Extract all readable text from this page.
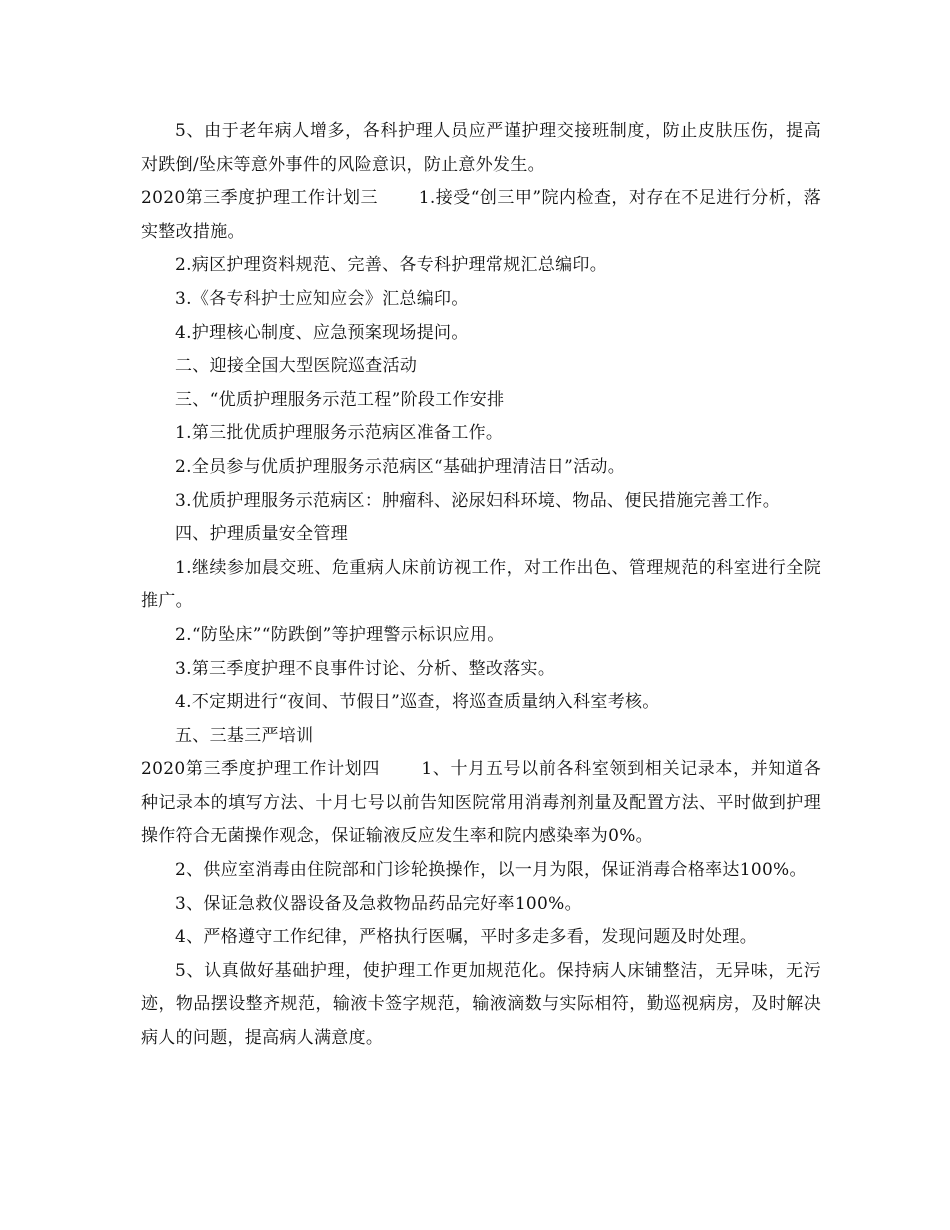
5、由于老年病人增多，各科护理人员应严谨护理交接班制度，防止皮肤压伤，提高对跌倒/坠床等意外事件的风险意识，防止意外发生。

2020第三季度护理工作计划三　　 1.接受“创三甲”院内检查，对存在不足进行分析，落实整改措施。

2.病区护理资料规范、完善、各专科护理常规汇总编印。

3.《各专科护士应知应会》汇总编印。

4.护理核心制度、应急预案现场提问。

二、迎接全国大型医院巡查活动

三、“优质护理服务示范工程”阶段工作安排

1.第三批优质护理服务示范病区准备工作。

2.全员参与优质护理服务示范病区“基础护理清洁日”活动。

3.优质护理服务示范病区：肿瘤科、泌尿妇科环境、物品、便民措施完善工作。

四、护理质量安全管理

1.继续参加晨交班、危重病人床前访视工作，对工作出色、管理规范的科室进行全院推广。

2.“防坠床”“防跌倒”等护理警示标识应用。

3.第三季度护理不良事件讨论、分析、整改落实。

4.不定期进行“夜间、节假日”巡查，将巡查质量纳入科室考核。

五、三基三严培训

2020第三季度护理工作计划四　　 1、十月五号以前各科室领到相关记录本，并知道各种记录本的填写方法、十月七号以前告知医院常用消毒剂剂量及配置方法、平时做到护理操作符合无菌操作观念，保证输液反应发生率和院内感染率为0%。

2、供应室消毒由住院部和门诊轮换操作，以一月为限，保证消毒合格率达100%。

3、保证急救仪器设备及急救物品药品完好率100%。

4、严格遵守工作纪律，严格执行医嘱，平时多走多看，发现问题及时处理。

5、认真做好基础护理，使护理工作更加规范化。保持病人床铺整洁，无异味，无污迹，物品摆设整齐规范，输液卡签字规范，输液滴数与实际相符，勤巡视病房，及时解决病人的问题，提高病人满意度。
